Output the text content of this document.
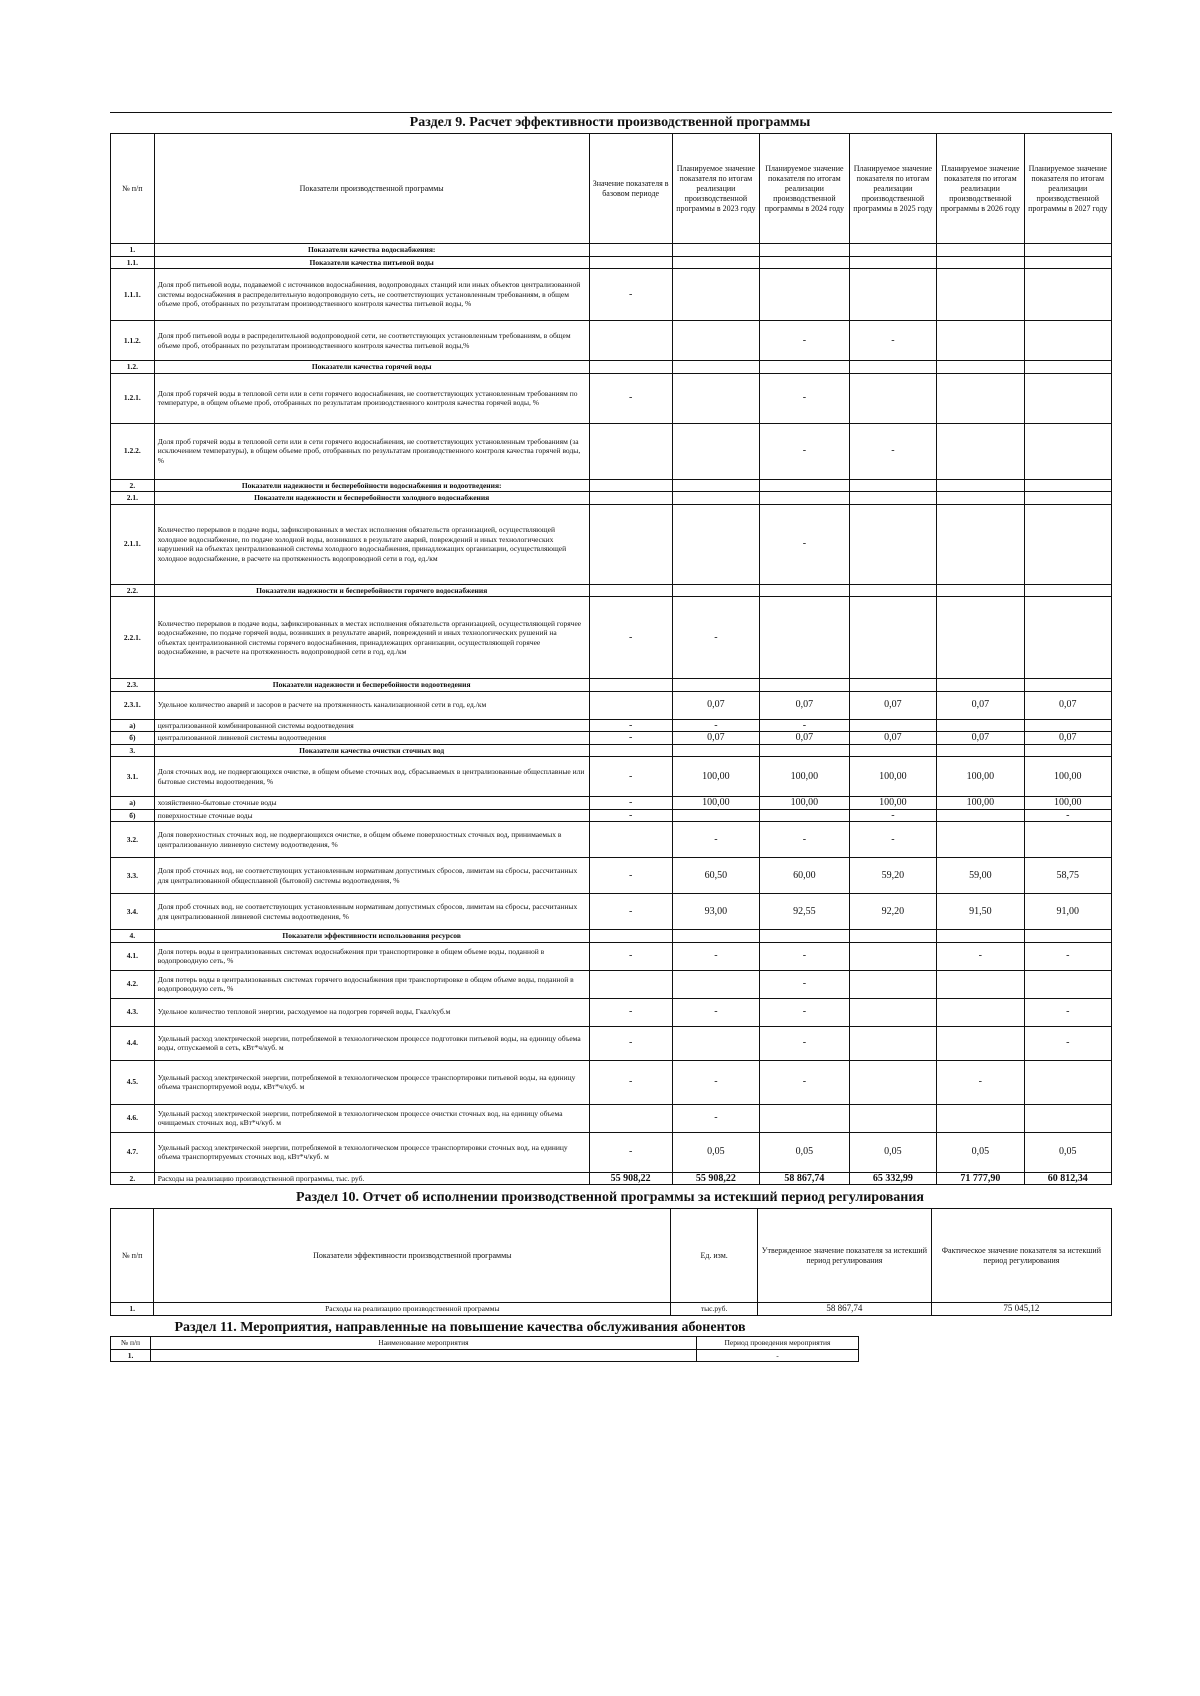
Раздел 9. Расчет эффективности производственной программы
№ п/п	Показатели производственной программы	Значение показателя в базовом периоде	Планируемое значение показателя по итогам реализации производственной программы в 2023 году	Планируемое значение показателя по итогам реализации производственной программы в 2024 году	Планируемое значение показателя по итогам реализации производственной программы в 2025 году	Планируемое значение показателя по итогам реализации производственной программы в 2026 году	Планируемое значение показателя по итогам реализации производственной программы в 2027 году
1.	Показатели качества водоснабжения:						
1.1.	Показатели качества питьевой воды						
1.1.1.	Доля проб питьевой воды, подаваемой с источников водоснабжения, водопроводных станций или иных объектов централизованной системы водоснабжения в распределительную водопроводную сеть, не соответствующих установленным требованиям, в общем объеме проб, отобранных по результатам производственного контроля качества питьевой воды, %	-					
1.1.2.	Доля проб питьевой воды в распределительной водопроводной сети, не соответствующих установленным требованиям, в общем объеме проб, отобранных по результатам производственного контроля качества питьевой воды,%			-	-		
1.2.	Показатели качества горячей воды						
1.2.1.	Доля проб горячей воды в тепловой сети или в сети горячего водоснабжения, не соответствующих установленным требованиям по температуре, в общем объеме проб, отобранных по результатам производственного контроля качества горячей воды, %	-		-			
1.2.2.	Доля проб горячей воды в тепловой сети или в сети горячего водоснабжения, не соответствующих установленным требованиям (за исключением температуры), в общем объеме проб, отобранных по результатам производственного контроля качества горячей воды, %			-	-		
2.	Показатели надежности и бесперебойности водоснабжения и водоотведения:						
2.1.	Показатели надежности и бесперебойности холодного водоснабжения						
2.1.1.	Количество перерывов в подаче воды, зафиксированных в местах исполнения обязательств организацией, осуществляющей холодное водоснабжение, по подаче холодной воды, возникших в результате аварий, повреждений и иных технологических нарушений на объектах централизованной системы холодного водоснабжения, принадлежащих организации, осуществляющей холодное водоснабжение, в расчете на протяженность водопроводной сети в год, ед./км			-			
2.2.	Показатели надежности и бесперебойности горячего водоснабжения						
2.2.1.	Количество перерывов в подаче воды, зафиксированных в местах исполнения обязательств организацией, осуществляющей горячее водоснабжение, по подаче горячей воды, возникших в результате аварий, повреждений и иных технологических рушений на объектах централизованной системы горячего водоснабжения, принадлежащих организации, осуществляющей горячее водоснабжение, в расчете на протяженность водопроводной сети в год, ед./км	-	-				
2.3.	Показатели надежности и бесперебойности водоотведения						
2.3.1.	Удельное количество аварий и засоров в расчете на протяженность канализационной сети в год, ед./км		0,07	0,07	0,07	0,07	0,07
а)	централизованной комбинированной системы водоотведения	-	-	-			
б)	централизованной ливневой системы водоотведения	-	0,07	0,07	0,07	0,07	0,07
3.	Показатели качества очистки сточных вод						
3.1.	Доля сточных вод, не подвергающихся очистке, в общем объеме сточных вод, сбрасываемых в централизованные общесплавные или бытовые системы водоотведения, %	-	100,00	100,00	100,00	100,00	100,00
а)	хозяйственно-бытовые сточные воды	-	100,00	100,00	100,00	100,00	100,00
б)	поверхностные сточные воды	-			-		-
3.2.	Доля поверхностных сточных вод, не подвергающихся очистке, в общем объеме поверхностных сточных вод, принимаемых в централизованную ливневую систему водоотведения, %		-	-	-		
3.3.	Доля проб сточных вод, не соответствующих установленным нормативам допустимых сбросов, лимитам на сбросы, рассчитанных для централизованной общесплавной (бытовой) системы водоотведения, %	-	60,50	60,00	59,20	59,00	58,75
3.4.	Доля проб сточных вод, не соответствующих установленным нормативам допустимых сбросов, лимитам на сбросы, рассчитанных для централизованной ливневой системы водоотведения, %	-	93,00	92,55	92,20	91,50	91,00
4.	Показатели эффективности использования ресурсов						
4.1.	Доля потерь воды в централизованных системах водоснабжения при транспортировке в общем объеме воды, поданной в водопроводную сеть, %	-	-	-		-	-
4.2.	Доля потерь воды в централизованных системах горячего водоснабжения при транспортировке в общем объеме воды, поданной в водопроводную сеть, %			-			
4.3.	Удельное количество тепловой энергии, расходуемое на подогрев горячей воды, Гкал/куб.м	-	-	-			-
4.4.	Удельный расход электрической энергии, потребляемой в технологическом процессе подготовки питьевой воды, на единицу объема воды, отпускаемой в сеть, кВт*ч/куб. м	-		-			-
4.5.	Удельный расход электрической энергии, потребляемой в технологическом процессе транспортировки питьевой воды, на единицу объема транспортируемой воды, кВт*ч/куб. м	-	-	-		-	
4.6.	Удельный расход электрической энергии, потребляемой в технологическом процессе очистки сточных вод, на единицу объема очищаемых сточных вод, кВт*ч/куб. м		-				
4.7.	Удельный расход электрической энергии, потребляемой в технологическом процессе транспортировки сточных вод, на единицу объема транспортируемых сточных вод, кВт*ч/куб. м	-	0,05	0,05	0,05	0,05	0,05
2.	Расходы на реализацию производственной программы, тыс. руб.	55 908,22	55 908,22	58 867,74	65 332,99	71 777,90	60 812,34
Раздел 10. Отчет об исполнении производственной программы за истекший период регулирования
№ п/п	Показатели эффективности производственной программы	Ед. изм.	Утвержденное значение показателя за истекший период регулирования	Фактическое значение показателя за истекший период регулирования
1.	Расходы на реализацию производственной программы	тыс.руб.	58 867,74	75 045,12
Раздел 11. Мероприятия, направленные на повышение качества обслуживания абонентов
№ п/п	Наименование мероприятия	Период проведения мероприятия
1.		-
